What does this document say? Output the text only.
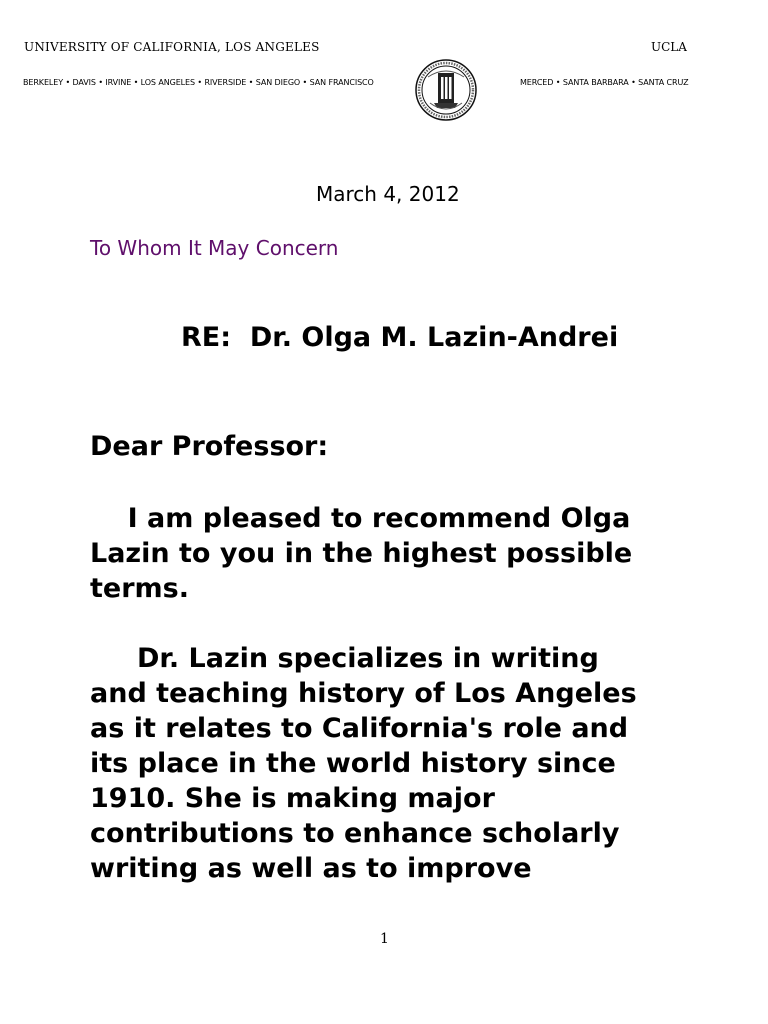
UNIVERSITY OF CALIFORNIA, LOS ANGELES	UCLA
BERKELEY • DAVIS • IRVINE • LOS ANGELES • RIVERSIDE • SAN DIEGO • SAN FRANCISCO	MERCED • SANTA BARBARA • SANTA CRUZ
March 4, 2012
To Whom It May Concern
RE:  Dr. Olga M. Lazin-Andrei
Dear Professor:
I am pleased to recommend Olga
Lazin to you in the highest possible
terms.
Dr. Lazin specializes in writing
and teaching history of Los Angeles
as it relates to California's role and
its place in the world history since
1910. She is making major
contributions to enhance scholarly
writing as well as to improve
1
